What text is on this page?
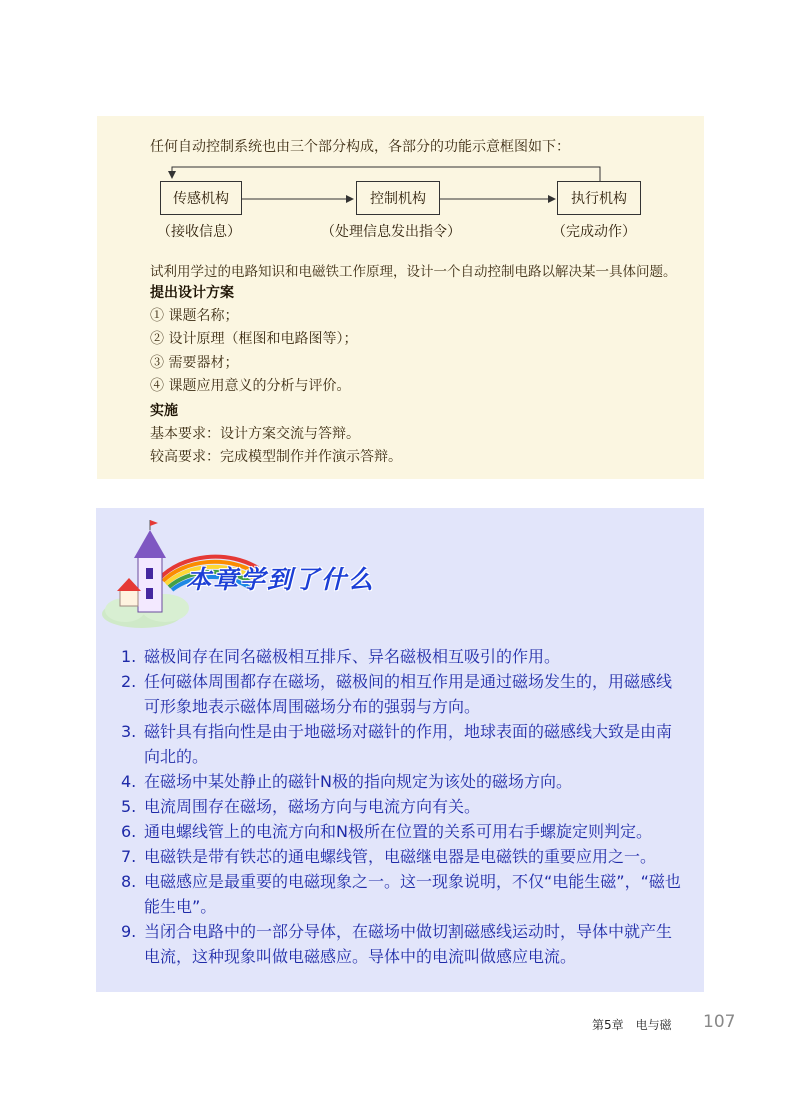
任何自动控制系统也由三个部分构成，各部分的功能示意框图如下：
传感机构	控制机构	执行机构
（接收信息）	（处理信息发出指令）	（完成动作）
试利用学过的电路知识和电磁铁工作原理，设计一个自动控制电路以解决某一具体问题。
提出设计方案
① 课题名称；
② 设计原理（框图和电路图等）；
③ 需要器材；
④ 课题应用意义的分析与评价。
实施
基本要求：设计方案交流与答辩。
较高要求：完成模型制作并作演示答辩。
本章学到了什么
1. 磁极间存在同名磁极相互排斥、异名磁极相互吸引的作用。
2. 任何磁体周围都存在磁场，磁极间的相互作用是通过磁场发生的，用磁感线可形象地表示磁体周围磁场分布的强弱与方向。
3. 磁针具有指向性是由于地磁场对磁针的作用，地球表面的磁感线大致是由南向北的。
4. 在磁场中某处静止的磁针N极的指向规定为该处的磁场方向。
5. 电流周围存在磁场，磁场方向与电流方向有关。
6. 通电螺线管上的电流方向和N极所在位置的关系可用右手螺旋定则判定。
7. 电磁铁是带有铁芯的通电螺线管，电磁继电器是电磁铁的重要应用之一。
8. 电磁感应是最重要的电磁现象之一。这一现象说明，不仅“电能生磁”，“磁也能生电”。
9. 当闭合电路中的一部分导体，在磁场中做切割磁感线运动时，导体中就产生电流，这种现象叫做电磁感应。导体中的电流叫做感应电流。
第5章　电与磁 107
